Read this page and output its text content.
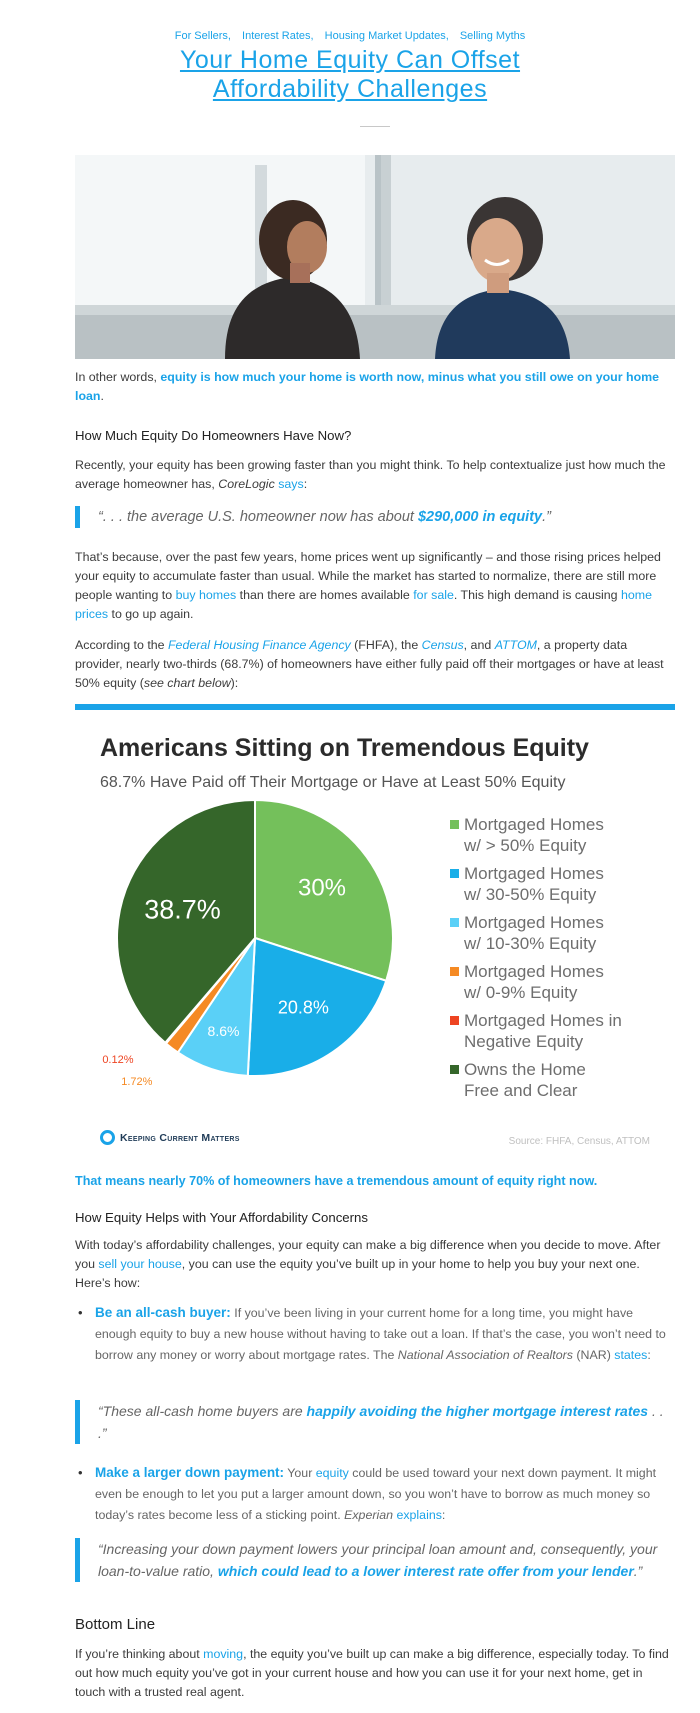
For Sellers, Interest Rates, Housing Market Updates, Selling Myths
Your Home Equity Can Offset Affordability Challenges

In other words, equity is how much your home is worth now, minus what you still owe on your home loan.

How Much Equity Do Homeowners Have Now?

Recently, your equity has been growing faster than you might think. To help contextualize just how much the average homeowner has, CoreLogic says:

“. . . the average U.S. homeowner now has about $290,000 in equity.”

That’s because, over the past few years, home prices went up significantly – and those rising prices helped your equity to accumulate faster than usual. While the market has started to normalize, there are still more people wanting to buy homes than there are homes available for sale. This high demand is causing home prices to go up again.

According to the Federal Housing Finance Agency (FHFA), the Census, and ATTOM, a property data provider, nearly two-thirds (68.7%) of homeowners have either fully paid off their mortgages or have at least 50% equity (see chart below):

Americans Sitting on Tremendous Equity
68.7% Have Paid off Their Mortgage or Have at Least 50% Equity
30%
20.8%
8.6%
1.72%
0.12%
38.7%
Mortgaged Homes
w/ > 50% Equity
Mortgaged Homes
w/ 30-50% Equity
Mortgaged Homes
w/ 10-30% Equity
Mortgaged Homes
w/ 0-9% Equity
Mortgaged Homes in
Negative Equity
Owns the Home
Free and Clear
Keeping Current Matters	Source: FHFA, Census, ATTOM

That means nearly 70% of homeowners have a tremendous amount of equity right now.

How Equity Helps with Your Affordability Concerns

With today’s affordability challenges, your equity can make a big difference when you decide to move. After you sell your house, you can use the equity you’ve built up in your home to help you buy your next one. Here’s how:

• Be an all-cash buyer: If you’ve been living in your current home for a long time, you might have enough equity to buy a new house without having to take out a loan. If that’s the case, you won’t need to borrow any money or worry about mortgage rates. The National Association of Realtors (NAR) states:
“These all-cash home buyers are happily avoiding the higher mortgage interest rates . . .”
• Make a larger down payment: Your equity could be used toward your next down payment. It might even be enough to let you put a larger amount down, so you won’t have to borrow as much money so today’s rates become less of a sticking point. Experian explains:
“Increasing your down payment lowers your principal loan amount and, consequently, your loan-to-value ratio, which could lead to a lower interest rate offer from your lender.”
Bottom Line

If you’re thinking about moving, the equity you’ve built up can make a big difference, especially today. To find out how much equity you’ve got in your current house and how you can use it for your next home, get in touch with a trusted real agent.
